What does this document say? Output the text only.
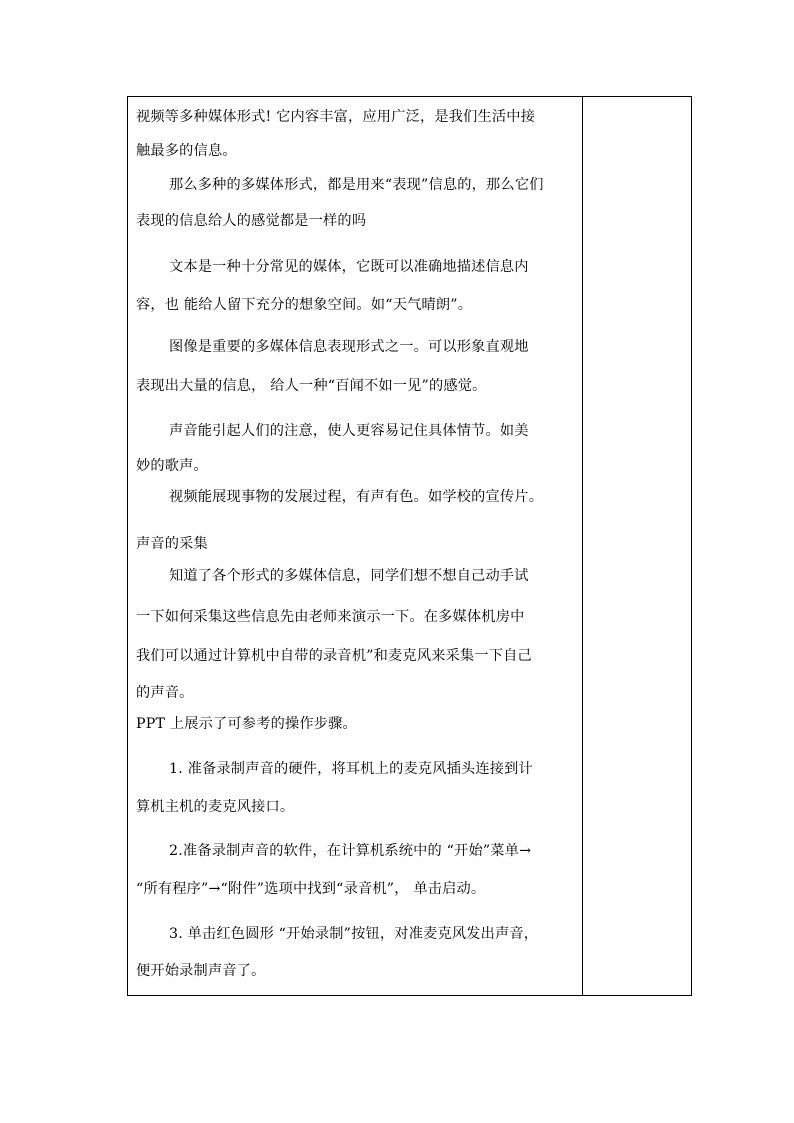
视频等多种媒体形式! 它内容丰富，应用广泛，是我们生活中接
触最多的信息。
那么多种的多媒体形式，都是用来“表现”信息的，那么它们
表现的信息给人的感觉都是一样的吗
文本是一种十分常见的媒体，它既可以准确地描述信息内
容，也 能给人留下充分的想象空间。如“天气晴朗”。
图像是重要的多媒体信息表现形式之一。可以形象直观地
表现出大量的信息， 给人一种“百闻不如一见”的感觉。
声音能引起人们的注意，使人更容易记住具体情节。如美
妙的歌声。
视频能展现事物的发展过程，有声有色。如学校的宣传片。
声音的采集
知道了各个形式的多媒体信息，同学们想不想自己动手试
一下如何采集这些信息先由老师来演示一下。在多媒体机房中
我们可以通过计算机中自带的录音机”和麦克风来采集一下自己
的声音。
PPT 上展示了可参考的操作步骤。
1. 准备录制声音的硬件，将耳机上的麦克风插头连接到计
算机主机的麦克风接口。
2.准备录制声音的软件，在计算机系统中的 “开始”菜单→
“所有程序”→“附件”选项中找到“录音机”， 单击启动。
3. 单击红色圆形 “开始录制”按钮，对准麦克风发出声音，
便开始录制声音了。
